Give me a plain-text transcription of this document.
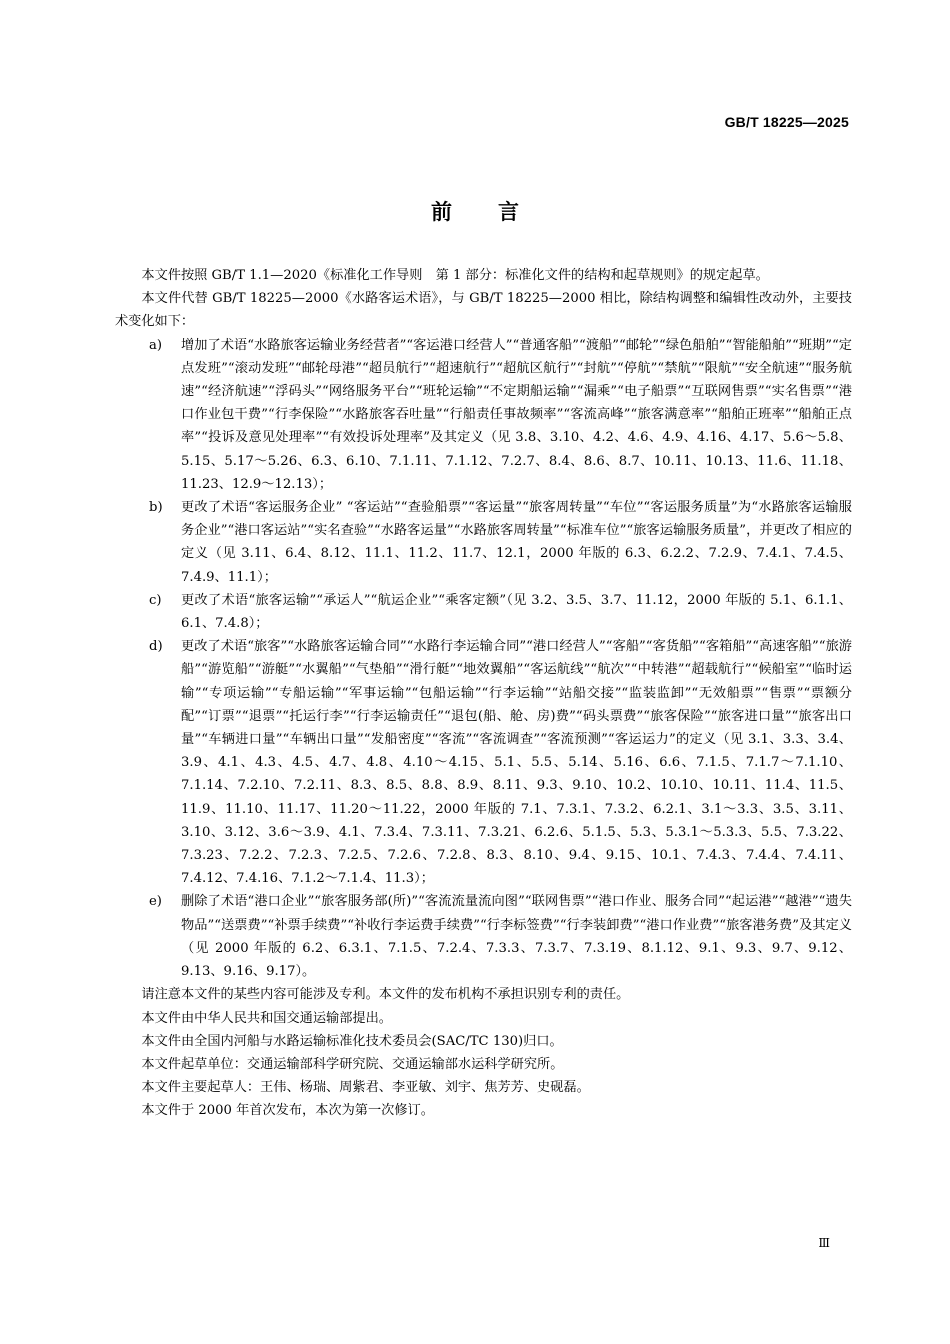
GB/T 18225—2025
前言

本文件按照 GB/T 1.1—2020《标准化工作导则　第 1 部分：标准化文件的结构和起草规则》的规定起草。

本文件代替 GB/T 18225—2000《水路客运术语》，与 GB/T 18225—2000 相比，除结构调整和编辑性改动外，主要技术变化如下：

a) 增加了术语“水路旅客运输业务经营者”“客运港口经营人”“普通客船”“渡船”“邮轮”“绿色船舶”“智能船舶”“班期”“定点发班”“滚动发班”“邮轮母港”“超员航行”“超速航行”“超航区航行”“封航”“停航”“禁航”“限航”“安全航速”“服务航速”“经济航速”“浮码头”“网络服务平台”“班轮运输”“不定期船运输”“漏乘”“电子船票”“互联网售票”“实名售票”“港口作业包干费”“行李保险”“水路旅客吞吐量”“行船责任事故频率”“客流高峰”“旅客满意率”“船舶正班率”“船舶正点率”“投诉及意见处理率”“有效投诉处理率”及其定义（见 3.8、3.10、4.2、4.6、4.9、4.16、4.17、5.6～5.8、5.15、5.17～5.26、6.3、6.10、7.1.11、7.1.12、7.2.7、8.4、8.6、8.7、10.11、10.13、11.6、11.18、11.23、12.9～12.13）；
b) 更改了术语“客运服务企业” “客运站”“查验船票”“客运量”“旅客周转量”“车位”“客运服务质量”为“水路旅客运输服务企业”“港口客运站”“实名查验”“水路客运量”“水路旅客周转量”“标准车位”“旅客运输服务质量”，并更改了相应的定义（见 3.11、6.4、8.12、11.1、11.2、11.7、12.1，2000 年版的 6.3、6.2.2、7.2.9、7.4.1、7.4.5、7.4.9、11.1）；
c) 更改了术语“旅客运输”“承运人”“航运企业”“乘客定额”（见 3.2、3.5、3.7、11.12，2000 年版的 5.1、6.1.1、6.1、7.4.8）；
d) 更改了术语“旅客”“水路旅客运输合同”“水路行李运输合同”“港口经营人”“客船”“客货船”“客箱船”“高速客船”“旅游船”“游览船”“游艇”“水翼船”“气垫船”“滑行艇”“地效翼船”“客运航线”“航次”“中转港”“超载航行”“候船室”“临时运输”“专项运输”“专船运输”“军事运输”“包船运输”“行李运输”“站船交接”“监装监卸”“无效船票”“售票”“票额分配”“订票”“退票”“托运行李”“行李运输责任”“退包(船、舱、房)费”“码头票费”“旅客保险”“旅客进口量”“旅客出口量”“车辆进口量”“车辆出口量”“发船密度”“客流”“客流调查”“客流预测”“客运运力”的定义（见 3.1、3.3、3.4、3.9、4.1、4.3、4.5、4.7、4.8、4.10～4.15、5.1、5.5、5.14、5.16、6.6、7.1.5、7.1.7～7.1.10、7.1.14、7.2.10、7.2.11、8.3、8.5、8.8、8.9、8.11、9.3、9.10、10.2、10.10、10.11、11.4、11.5、11.9、11.10、11.17、11.20～11.22，2000 年版的 7.1、7.3.1、7.3.2、6.2.1、3.1～3.3、3.5、3.11、3.10、3.12、3.6～3.9、4.1、7.3.4、7.3.11、7.3.21、6.2.6、5.1.5、5.3、5.3.1～5.3.3、5.5、7.3.22、7.3.23、7.2.2、7.2.3、7.2.5、7.2.6、7.2.8、8.3、8.10、9.4、9.15、10.1、7.4.3、7.4.4、7.4.11、7.4.12、7.4.16、7.1.2～7.1.4、11.3）；
e) 删除了术语“港口企业”“旅客服务部(所)”“客流流量流向图”“联网售票”“港口作业、服务合同”“起运港”“越港”“遗失物品”“送票费”“补票手续费”“补收行李运费手续费”“行李标签费”“行李装卸费”“港口作业费”“旅客港务费”及其定义（见 2000 年版的 6.2、6.3.1、7.1.5、7.2.4、7.3.3、7.3.7、7.3.19、8.1.12、9.1、9.3、9.7、9.12、9.13、9.16、9.17）。

请注意本文件的某些内容可能涉及专利。本文件的发布机构不承担识别专利的责任。

本文件由中华人民共和国交通运输部提出。

本文件由全国内河船与水路运输标准化技术委员会(SAC/TC 130)归口。

本文件起草单位：交通运输部科学研究院、交通运输部水运科学研究所。

本文件主要起草人：王伟、杨瑞、周紫君、李亚敏、刘宇、焦芳芳、史砚磊。

本文件于 2000 年首次发布，本次为第一次修订。

Ⅲ
